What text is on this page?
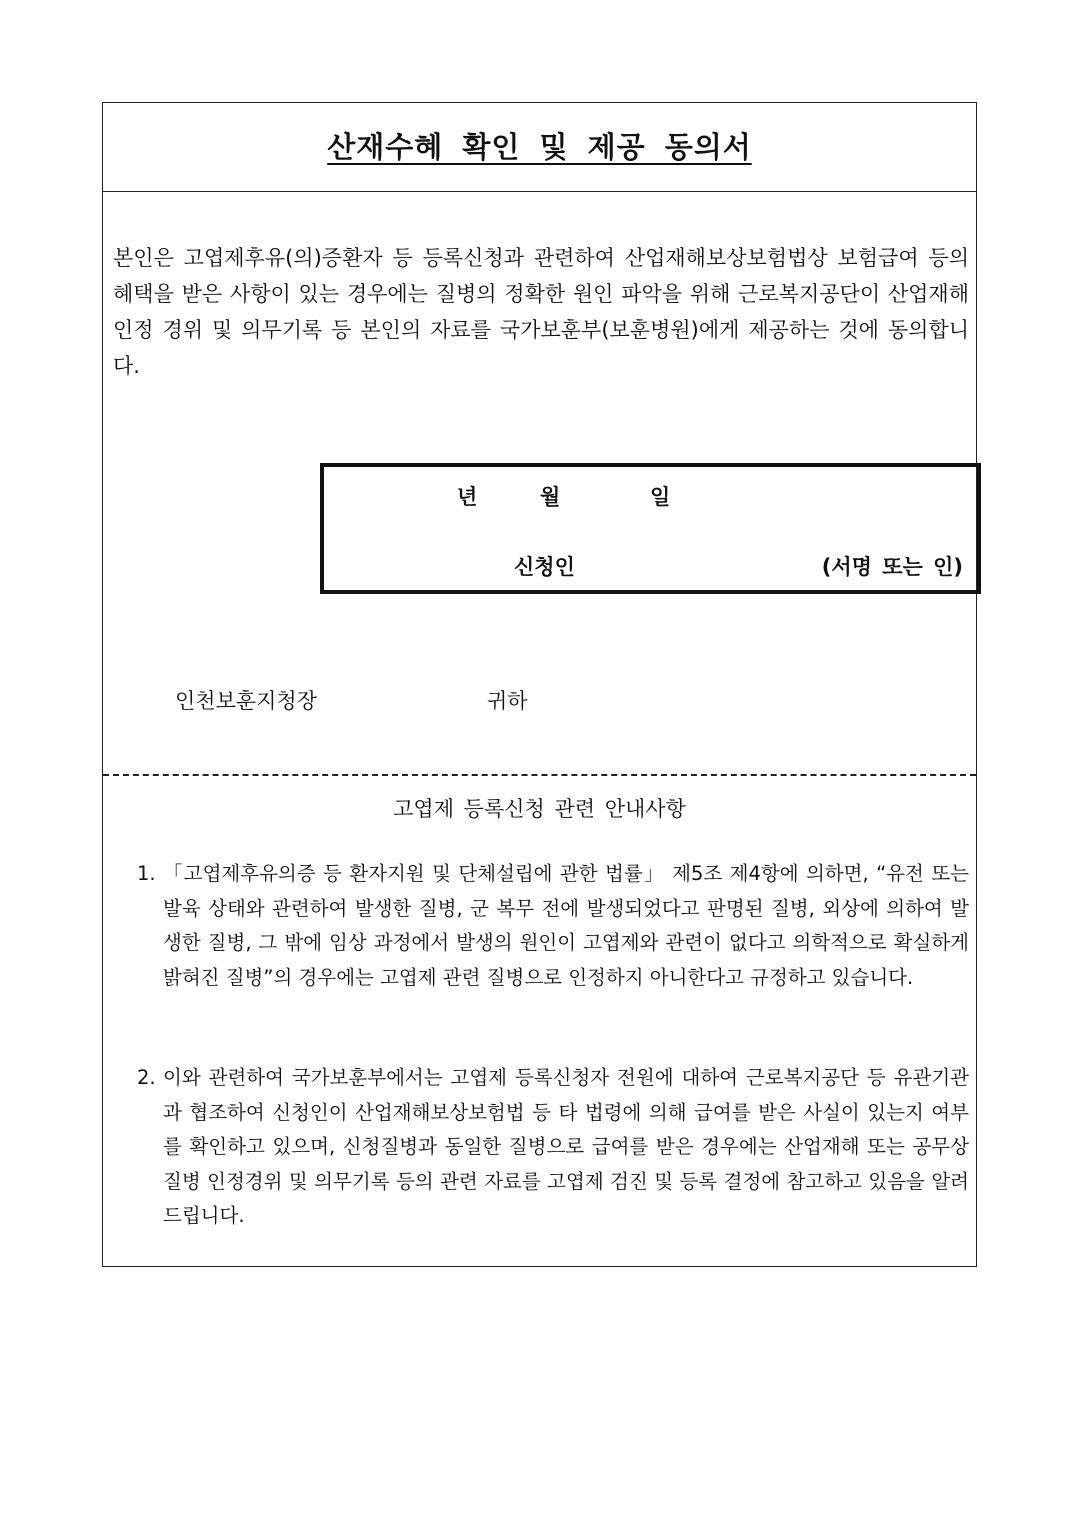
산재수혜 확인 및 제공 동의서

본인은 고엽제후유(의)증환자 등 등록신청과 관련하여 산업재해보상보험법상 보험급여 등의 혜택을 받은 사항이 있는 경우에는 질병의 정확한 원인 파악을 위해 근로복지공단이 산업재해 인정 경위 및 의무기록 등 본인의 자료를 국가보훈부(보훈병원)에게 제공하는 것에 동의합니다.

년	월	일
신청인	(서명 또는 인)
인천보훈지청장	귀하
고엽제 등록신청 관련 안내사항
1. 「고엽제후유의증 등 환자지원 및 단체설립에 관한 법률」 제5조 제4항에 의하면, “유전 또는 발육 상태와 관련하여 발생한 질병, 군 복무 전에 발생되었다고 판명된 질병, 외상에 의하여 발생한 질병, 그 밖에 임상 과정에서 발생의 원인이 고엽제와 관련이 없다고 의학적으로 확실하게 밝혀진 질병”의 경우에는 고엽제 관련 질병으로 인정하지 아니한다고 규정하고 있습니다.
2. 이와 관련하여 국가보훈부에서는 고엽제 등록신청자 전원에 대하여 근로복지공단 등 유관기관과 협조하여 신청인이 산업재해보상보험법 등 타 법령에 의해 급여를 받은 사실이 있는지 여부를 확인하고 있으며, 신청질병과 동일한 질병으로 급여를 받은 경우에는 산업재해 또는 공무상 질병 인정경위 및 의무기록 등의 관련 자료를 고엽제 검진 및 등록 결정에 참고하고 있음을 알려드립니다.
